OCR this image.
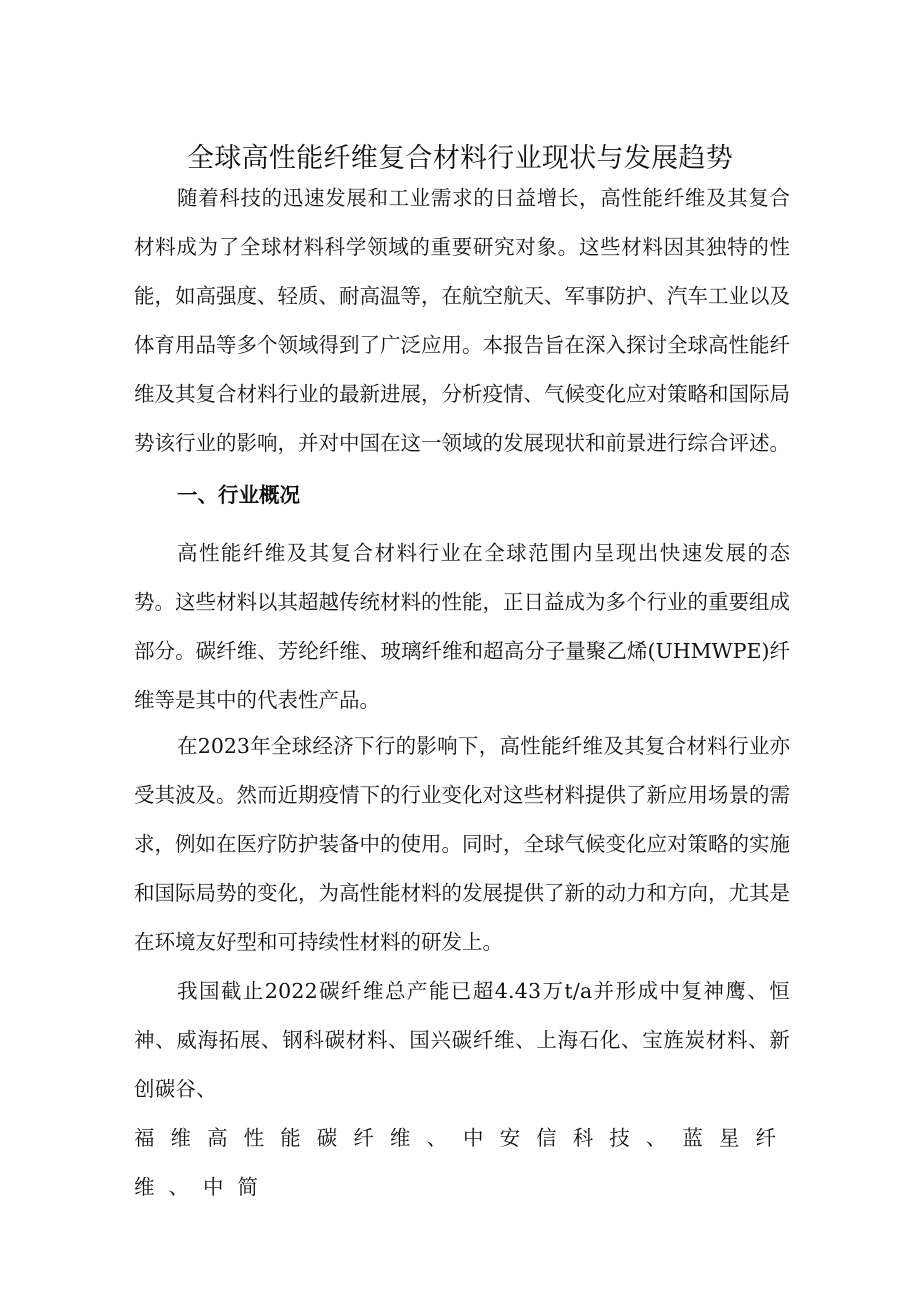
全球高性能纤维复合材料行业现状与发展趋势

随着科技的迅速发展和工业需求的日益增长，高性能纤维及其复合材料成为了全球材料科学领域的重要研究对象。这些材料因其独特的性能，如高强度、轻质、耐高温等，在航空航天、军事防护、汽车工业以及体育用品等多个领域得到了广泛应用。本报告旨在深入探讨全球高性能纤维及其复合材料行业的最新进展，分析疫情、气候变化应对策略和国际局势该行业的影响，并对中国在这一领域的发展现状和前景进行综合评述。

一、行业概况

高性能纤维及其复合材料行业在全球范围内呈现出快速发展的态势。这些材料以其超越传统材料的性能，正日益成为多个行业的重要组成部分。碳纤维、芳纶纤维、玻璃纤维和超高分子量聚乙烯(UHMWPE)纤维等是其中的代表性产品。

在2023年全球经济下行的影响下，高性能纤维及其复合材料行业亦受其波及。然而近期疫情下的行业变化对这些材料提供了新应用场景的需求，例如在医疗防护装备中的使用。同时，全球气候变化应对策略的实施和国际局势的变化，为高性能材料的发展提供了新的动力和方向，尤其是在环境友好型和可持续性材料的研发上。

我国截止2022碳纤维总产能已超4.43万t/a并形成中复神鹰、恒神、威海拓展、钢科碳材料、国兴碳纤维、上海石化、宝旌炭材料、新创碳谷、
福维高性能碳纤维、中安信科技、蓝星纤维、中简
